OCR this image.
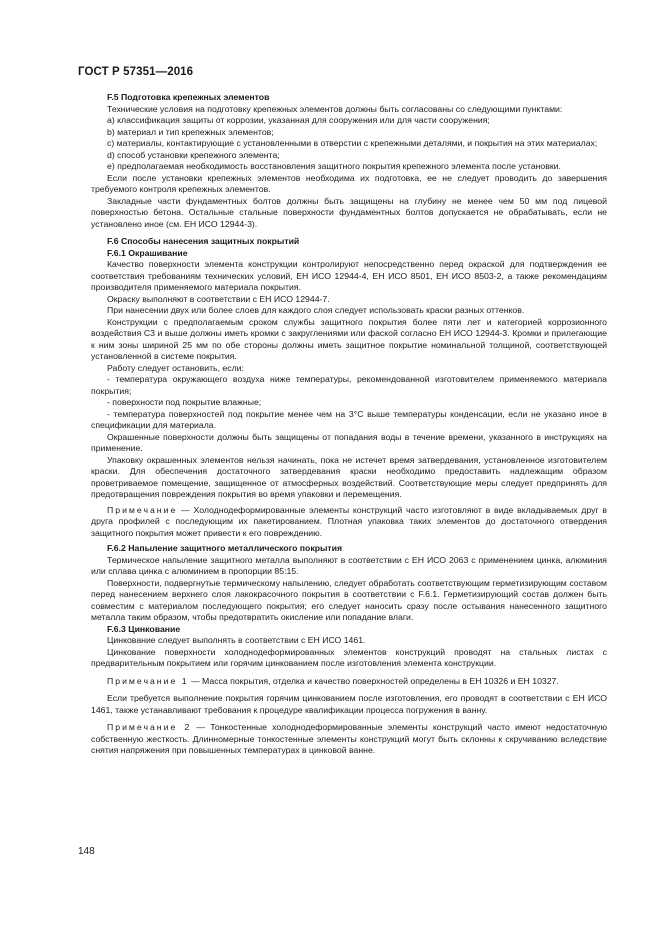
ГОСТ Р 57351—2016
F.5 Подготовка крепежных элементов

Технические условия на подготовку крепежных элементов должны быть согласованы со следующими пунктами:

а) классификация защиты от коррозии, указанная для сооружения или для части сооружения;

b) материал и тип крепежных элементов;

c) материалы, контактирующие с установленными в отверстии с крепежными деталями, и покрытия на этих материалах;

d) способ установки крепежного элемента;

e) предполагаемая необходимость восстановления защитного покрытия крепежного элемента после установки.

Если после установки крепежных элементов необходима их подготовка, ее не следует проводить до завершения требуемого контроля крепежных элементов.

Закладные части фундаментных болтов должны быть защищены на глубину не менее чем 50 мм под лицевой поверхностью бетона. Остальные стальные поверхности фундаментных болтов допускается не обрабатывать, если не установлено иное (см. ЕН ИСО 12944-3).

F.6 Способы нанесения защитных покрытий
F.6.1 Окрашивание

Качество поверхности элемента конструкции контролируют непосредственно перед окраской для подтверждения ее соответствия требованиям технических условий, ЕН ИСО 12944-4, ЕН ИСО 8501, ЕН ИСО 8503-2, а также рекомендациям производителя применяемого материала покрытия.

Окраску выполняют в соответствии с ЕН ИСО 12944-7.

При нанесении двух или более слоев для каждого слоя следует использовать краски разных оттенков.

Конструкции с предполагаемым сроком службы защитного покрытия более пяти лет и категорией коррозионного воздействия С3 и выше должны иметь кромки с закруглениями или фаской согласно ЕН ИСО 12944-3. Кромки и прилегающие к ним зоны шириной 25 мм по обе стороны должны иметь защитное покрытие номинальной толщиной, соответствующей установленной в системе покрытия.

Работу следует остановить, если:

- температура окружающего воздуха ниже температуры, рекомендованной изготовителем применяемого материала покрытия;

- поверхности под покрытие влажные;

- температура поверхностей под покрытие менее чем на 3°С выше температуры конденсации, если не указано иное в спецификации для материала.

Окрашенные поверхности должны быть защищены от попадания воды в течение времени, указанного в инструкциях на применение.

Упаковку окрашенных элементов нельзя начинать, пока не истечет время затвердевания, установленное изготовителем краски. Для обеспечения достаточного затвердевания краски необходимо предоставить надлежащим образом проветриваемое помещение, защищенное от атмосферных воздействий. Соответствующие меры следует предпринять для предотвращения повреждения покрытия во время упаковки и перемещения.

Примечание — Холоднодеформированные элементы конструкций часто изготовляют в виде вкладываемых друг в друга профилей с последующим их пакетированием. Плотная упаковка таких элементов до достаточного отвердения защитного покрытия может привести к его повреждению.

F.6.2 Напыление защитного металлического покрытия

Термическое напыление защитного металла выполняют в соответствии с ЕН ИСО 2063 с применением цинка, алюминия или сплава цинка с алюминием в пропорции 85:15.

Поверхности, подвергнутые термическому напылению, следует обработать соответствующим герметизирующим составом перед нанесением верхнего слоя лакокрасочного покрытия в соответствии с F.6.1. Герметизирующий состав должен быть совместим с материалом последующего покрытия; его следует наносить сразу после остывания нанесенного защитного металла таким образом, чтобы предотвратить окисление или попадание влаги.

F.6.3 Цинкование

Цинкование следует выполнять в соответствии с ЕН ИСО 1461.

Цинкование поверхности холоднодеформированных элементов конструкций проводят на стальных листах с предварительным покрытием или горячим цинкованием после изготовления элемента конструкции.

Примечание 1 — Масса покрытия, отделка и качество поверхностей определены в ЕН 10326 и ЕН 10327.

Если требуется выполнение покрытия горячим цинкованием после изготовления, его проводят в соответствии с ЕН ИСО 1461, также устанавливают требования к процедуре квалификации процесса погружения в ванну.

Примечание 2 — Тонкостенные холоднодеформированные элементы конструкций часто имеют недостаточную собственную жесткость. Длинномерные тонкостенные элементы конструкций могут быть склонны к скручиванию вследствие снятия напряжения при повышенных температурах в цинковой ванне.

148
